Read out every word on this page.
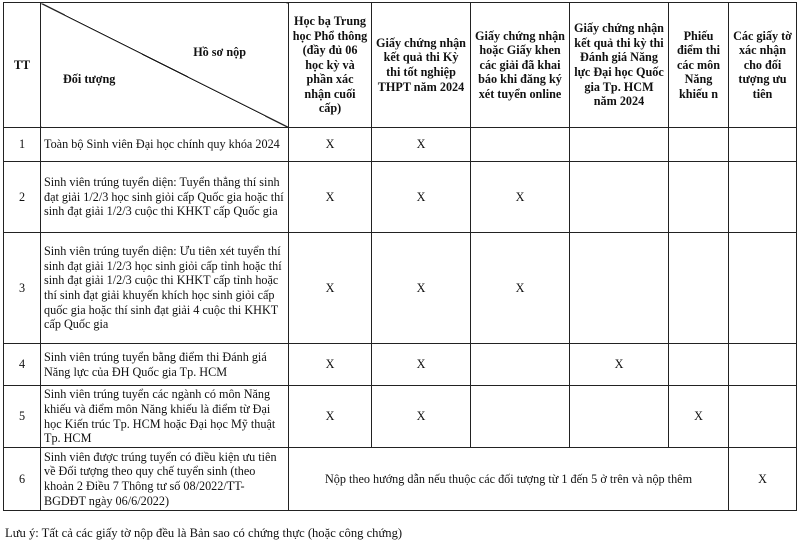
TT	Hồ sơ nộp
Đối tượng	Học bạ Trung học Phổ thông (đầy đủ 06 học kỳ và phần xác nhận cuối cấp)	Giấy chứng nhận kết quả thi Kỳ thi tốt nghiệp THPT năm 2024	Giấy chứng nhận hoặc Giấy khen các giải đã khai báo khi đăng ký xét tuyển online	Giấy chứng nhận kết quả thi kỳ thi Đánh giá Năng lực Đại học Quốc gia Tp. HCM năm 2024	Phiếu điểm thi các môn Năng khiếu n	Các giấy tờ xác nhận cho đối tượng ưu tiên
1	Toàn bộ Sinh viên Đại học chính quy khóa 2024	X	X				
2	Sinh viên trúng tuyển diện: Tuyển thẳng thí sinh đạt giải 1/2/3 học sinh giỏi cấp Quốc gia hoặc thí sinh đạt giải 1/2/3 cuộc thi KHKT cấp Quốc gia	X	X	X			
3	Sinh viên trúng tuyển diện: Ưu tiên xét tuyển thí sinh đạt giải 1/2/3 học sinh giỏi cấp tỉnh hoặc thí sinh đạt giải 1/2/3 cuộc thi KHKT cấp tỉnh hoặc thí sinh đạt giải khuyến khích học sinh giỏi cấp quốc gia hoặc thí sinh đạt giải 4 cuộc thi KHKT cấp Quốc gia	X	X	X			
4	Sinh viên trúng tuyển bằng điểm thi Đánh giá Năng lực của ĐH Quốc gia Tp. HCM	X	X		X		
5	Sinh viên trúng tuyển các ngành có môn Năng khiếu và điểm môn Năng khiếu là điểm từ Đại học Kiến trúc Tp. HCM hoặc Đại học Mỹ thuật Tp. HCM	X	X			X	
6	Sinh viên được trúng tuyển có điều kiện ưu tiên về Đối tượng theo quy chế tuyển sinh (theo khoản 2 Điều 7 Thông tư số 08/2022/TT-BGDĐT ngày 06/6/2022)	Nộp theo hướng dẫn nếu thuộc các đối tượng từ 1 đến 5 ở trên và nộp thêm					X
Lưu ý: Tất cả các giấy tờ nộp đều là Bản sao có chứng thực (hoặc công chứng)
